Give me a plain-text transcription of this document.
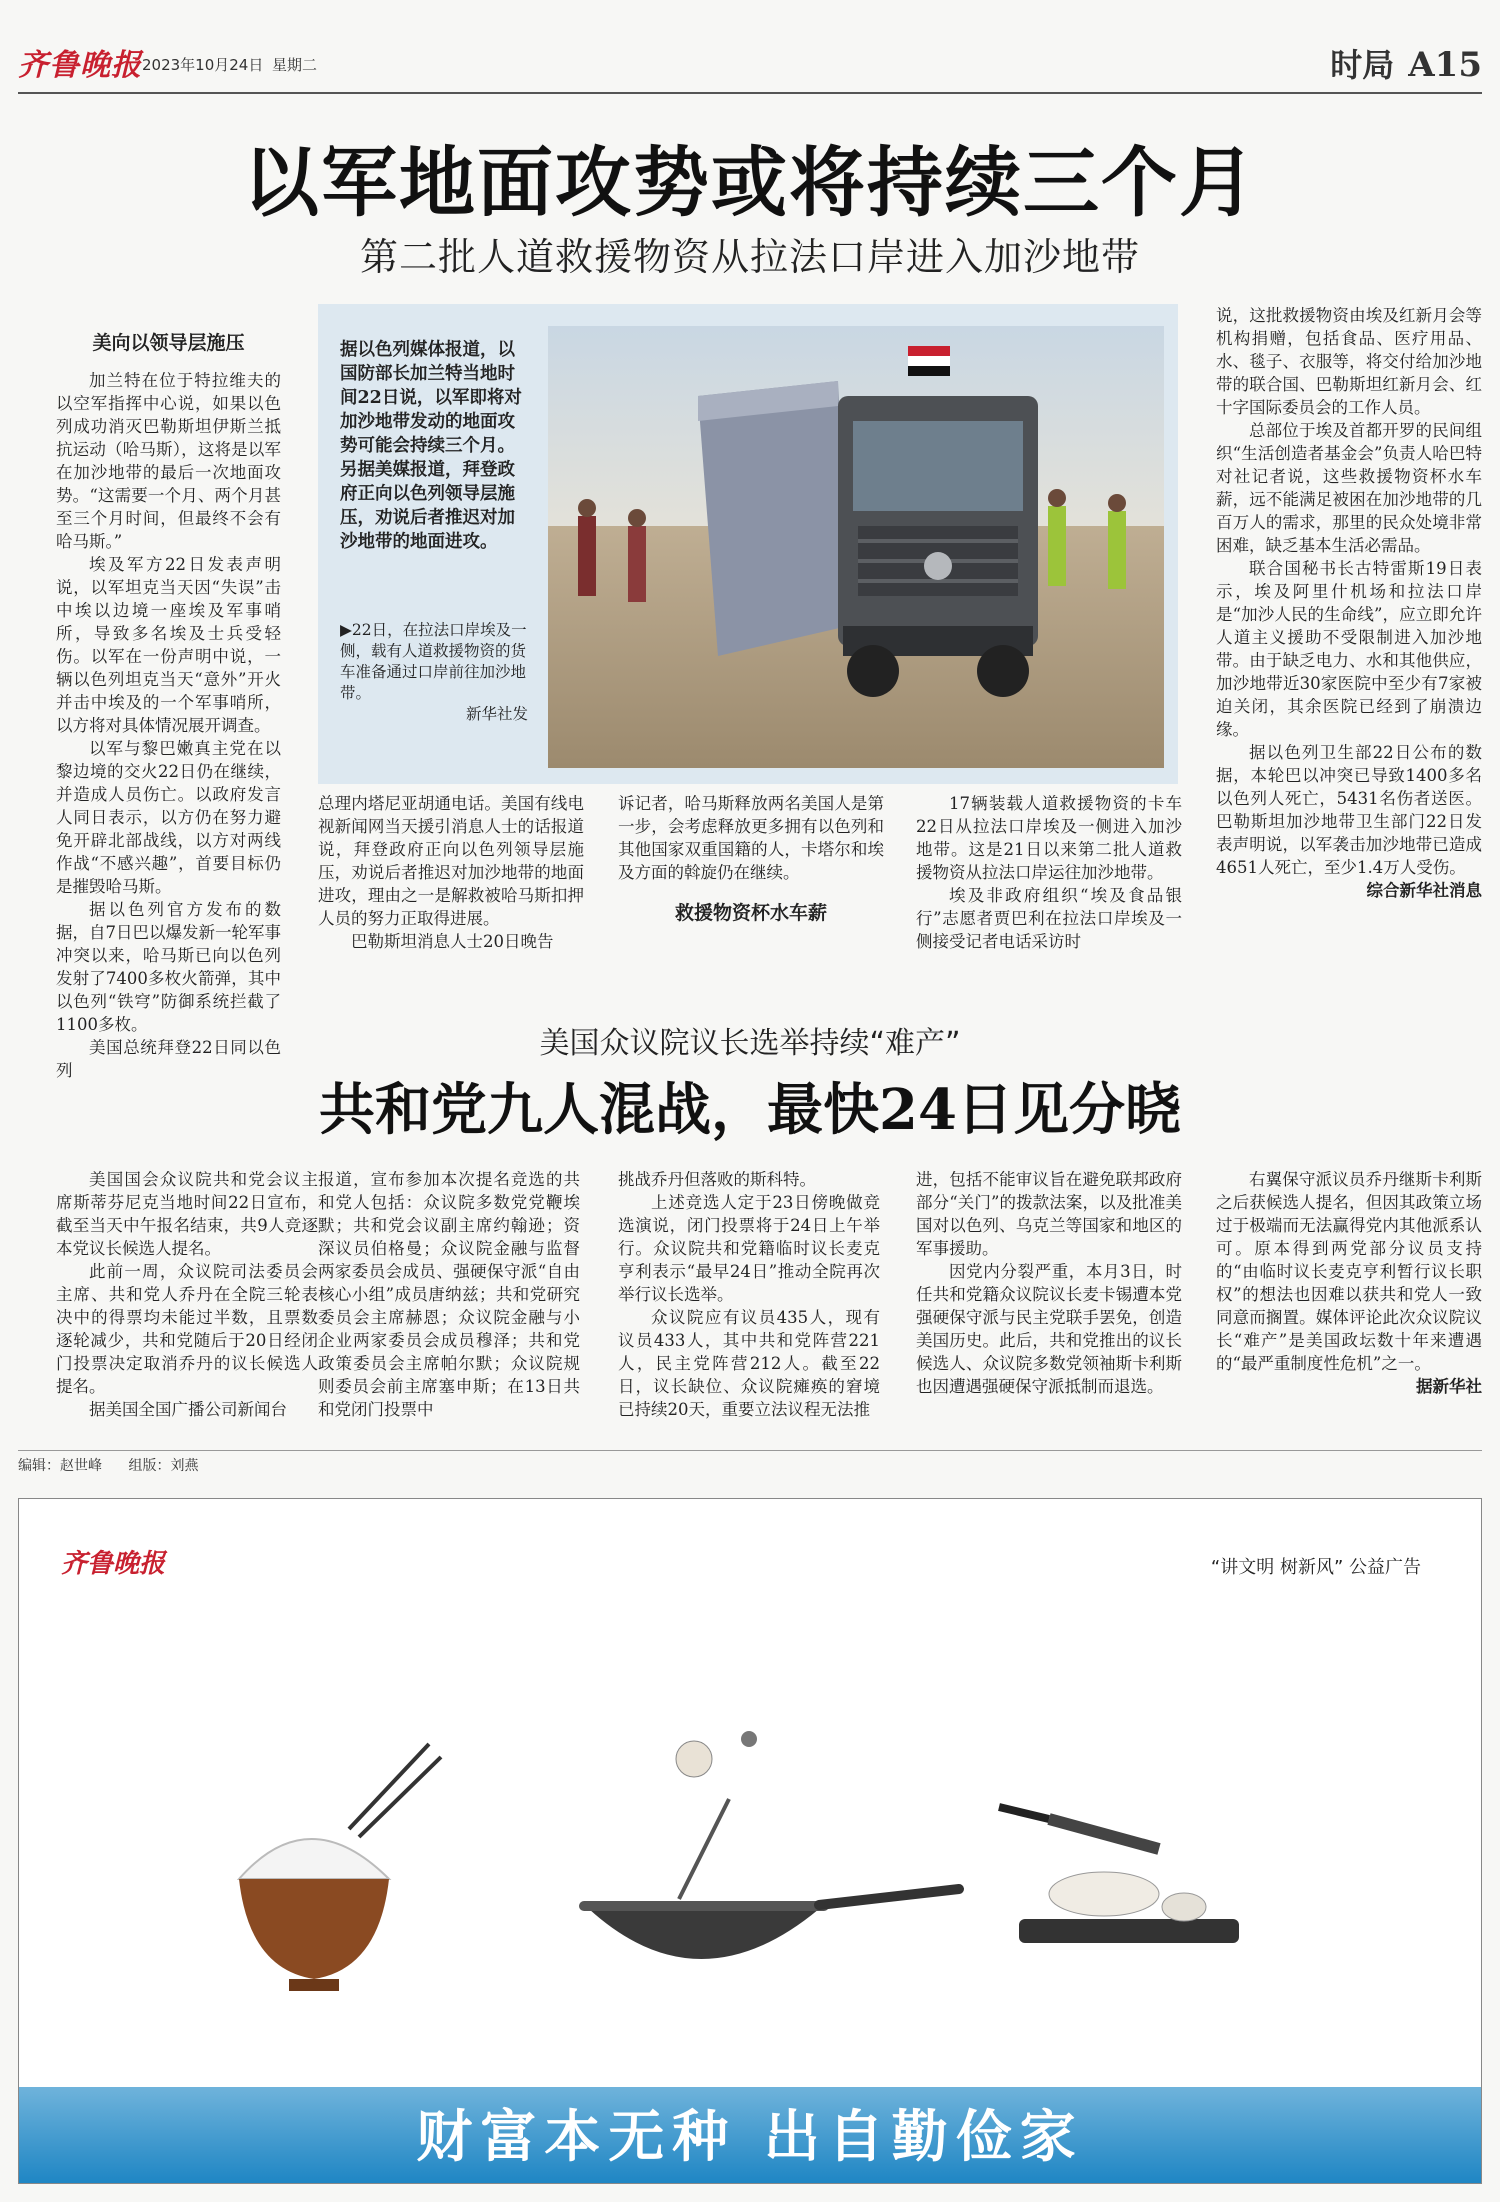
齐鲁晚报 2023年10月24日 星期二	时局 A15
以军地面攻势或将持续三个月
第二批人道救援物资从拉法口岸进入加沙地带
美向以领导层施压

加兰特在位于特拉维夫的以空军指挥中心说，如果以色列成功消灭巴勒斯坦伊斯兰抵抗运动（哈马斯），这将是以军在加沙地带的最后一次地面攻势。“这需要一个月、两个月甚至三个月时间，但最终不会有哈马斯。”

埃及军方22日发表声明说，以军坦克当天因“失误”击中埃以边境一座埃及军事哨所，导致多名埃及士兵受轻伤。以军在一份声明中说，一辆以色列坦克当天“意外”开火并击中埃及的一个军事哨所，以方将对具体情况展开调查。

以军与黎巴嫩真主党在以黎边境的交火22日仍在继续，并造成人员伤亡。以政府发言人同日表示，以方仍在努力避免开辟北部战线，以方对两线作战“不感兴趣”，首要目标仍是摧毁哈马斯。

据以色列官方发布的数据，自7日巴以爆发新一轮军事冲突以来，哈马斯已向以色列发射了7400多枚火箭弹，其中以色列“铁穹”防御系统拦截了1100多枚。

美国总统拜登22日同以色列

据以色列媒体报道，以国防部长加兰特当地时间22日说，以军即将对加沙地带发动的地面攻势可能会持续三个月。另据美媒报道，拜登政府正向以色列领导层施压，劝说后者推迟对加沙地带的地面进攻。
▶22日，在拉法口岸埃及一侧，载有人道救援物资的货车准备通过口岸前往加沙地带。
新华社发

总理内塔尼亚胡通电话。美国有线电视新闻网当天援引消息人士的话报道说，拜登政府正向以色列领导层施压，劝说后者推迟对加沙地带的地面进攻，理由之一是解救被哈马斯扣押人员的努力正取得进展。

巴勒斯坦消息人士20日晚告

诉记者，哈马斯释放两名美国人是第一步，会考虑释放更多拥有以色列和其他国家双重国籍的人，卡塔尔和埃及方面的斡旋仍在继续。

救援物资杯水车薪

17辆装载人道救援物资的卡车22日从拉法口岸埃及一侧进入加沙地带。这是21日以来第二批人道救援物资从拉法口岸运往加沙地带。

埃及非政府组织“埃及食品银行”志愿者贾巴利在拉法口岸埃及一侧接受记者电话采访时

说，这批救援物资由埃及红新月会等机构捐赠，包括食品、医疗用品、水、毯子、衣服等，将交付给加沙地带的联合国、巴勒斯坦红新月会、红十字国际委员会的工作人员。

总部位于埃及首都开罗的民间组织“生活创造者基金会”负责人哈巴特对社记者说，这些救援物资杯水车薪，远不能满足被困在加沙地带的几百万人的需求，那里的民众处境非常困难，缺乏基本生活必需品。

联合国秘书长古特雷斯19日表示，埃及阿里什机场和拉法口岸是“加沙人民的生命线”，应立即允许人道主义援助不受限制进入加沙地带。由于缺乏电力、水和其他供应，加沙地带近30家医院中至少有7家被迫关闭，其余医院已经到了崩溃边缘。

据以色列卫生部22日公布的数据，本轮巴以冲突已导致1400多名以色列人死亡，5431名伤者送医。巴勒斯坦加沙地带卫生部门22日发表声明说，以军袭击加沙地带已造成4651人死亡，至少1.4万人受伤。

综合新华社消息

美国众议院议长选举持续“难产”
共和党九人混战，最快24日见分晓

美国国会众议院共和党会议主席斯蒂芬尼克当地时间22日宣布，截至当天中午报名结束，共9人竞逐本党议长候选人提名。

此前一周，众议院司法委员会主席、共和党人乔丹在全院三轮表决中的得票均未能过半数，且票数逐轮减少，共和党随后于20日经闭门投票决定取消乔丹的议长候选人提名。

据美国全国广播公司新闻台

报道，宣布参加本次提名竞选的共和党人包括：众议院多数党党鞭埃默；共和党会议副主席约翰逊；资深议员伯格曼；众议院金融与监督两家委员会成员、强硬保守派“自由核心小组”成员唐纳兹；共和党研究委员会主席赫恩；众议院金融与小企业两家委员会成员穆泽；共和党政策委员会主席帕尔默；众议院规则委员会前主席塞申斯；在13日共和党闭门投票中

挑战乔丹但落败的斯科特。

上述竞选人定于23日傍晚做竞选演说，闭门投票将于24日上午举行。众议院共和党籍临时议长麦克亨利表示“最早24日”推动全院再次举行议长选举。

众议院应有议员435人，现有议员433人，其中共和党阵营221人，民主党阵营212人。截至22日，议长缺位、众议院瘫痪的窘境已持续20天，重要立法议程无法推

进，包括不能审议旨在避免联邦政府部分“关门”的拨款法案，以及批准美国对以色列、乌克兰等国家和地区的军事援助。

因党内分裂严重，本月3日，时任共和党籍众议院议长麦卡锡遭本党强硬保守派与民主党联手罢免，创造美国历史。此后，共和党推出的议长候选人、众议院多数党领袖斯卡利斯也因遭遇强硬保守派抵制而退选。

右翼保守派议员乔丹继斯卡利斯之后获候选人提名，但因其政策立场过于极端而无法赢得党内其他派系认可。原本得到两党部分议员支持的“由临时议长麦克亨利暂行议长职权”的想法也因难以获共和党人一致同意而搁置。媒体评论此次众议院议长“难产”是美国政坛数十年来遭遇的“最严重制度性危机”之一。

据新华社

编辑：赵世峰 组版：刘燕
齐鲁晚报	“讲文明 树新风” 公益广告
财富本无种 出自勤俭家
